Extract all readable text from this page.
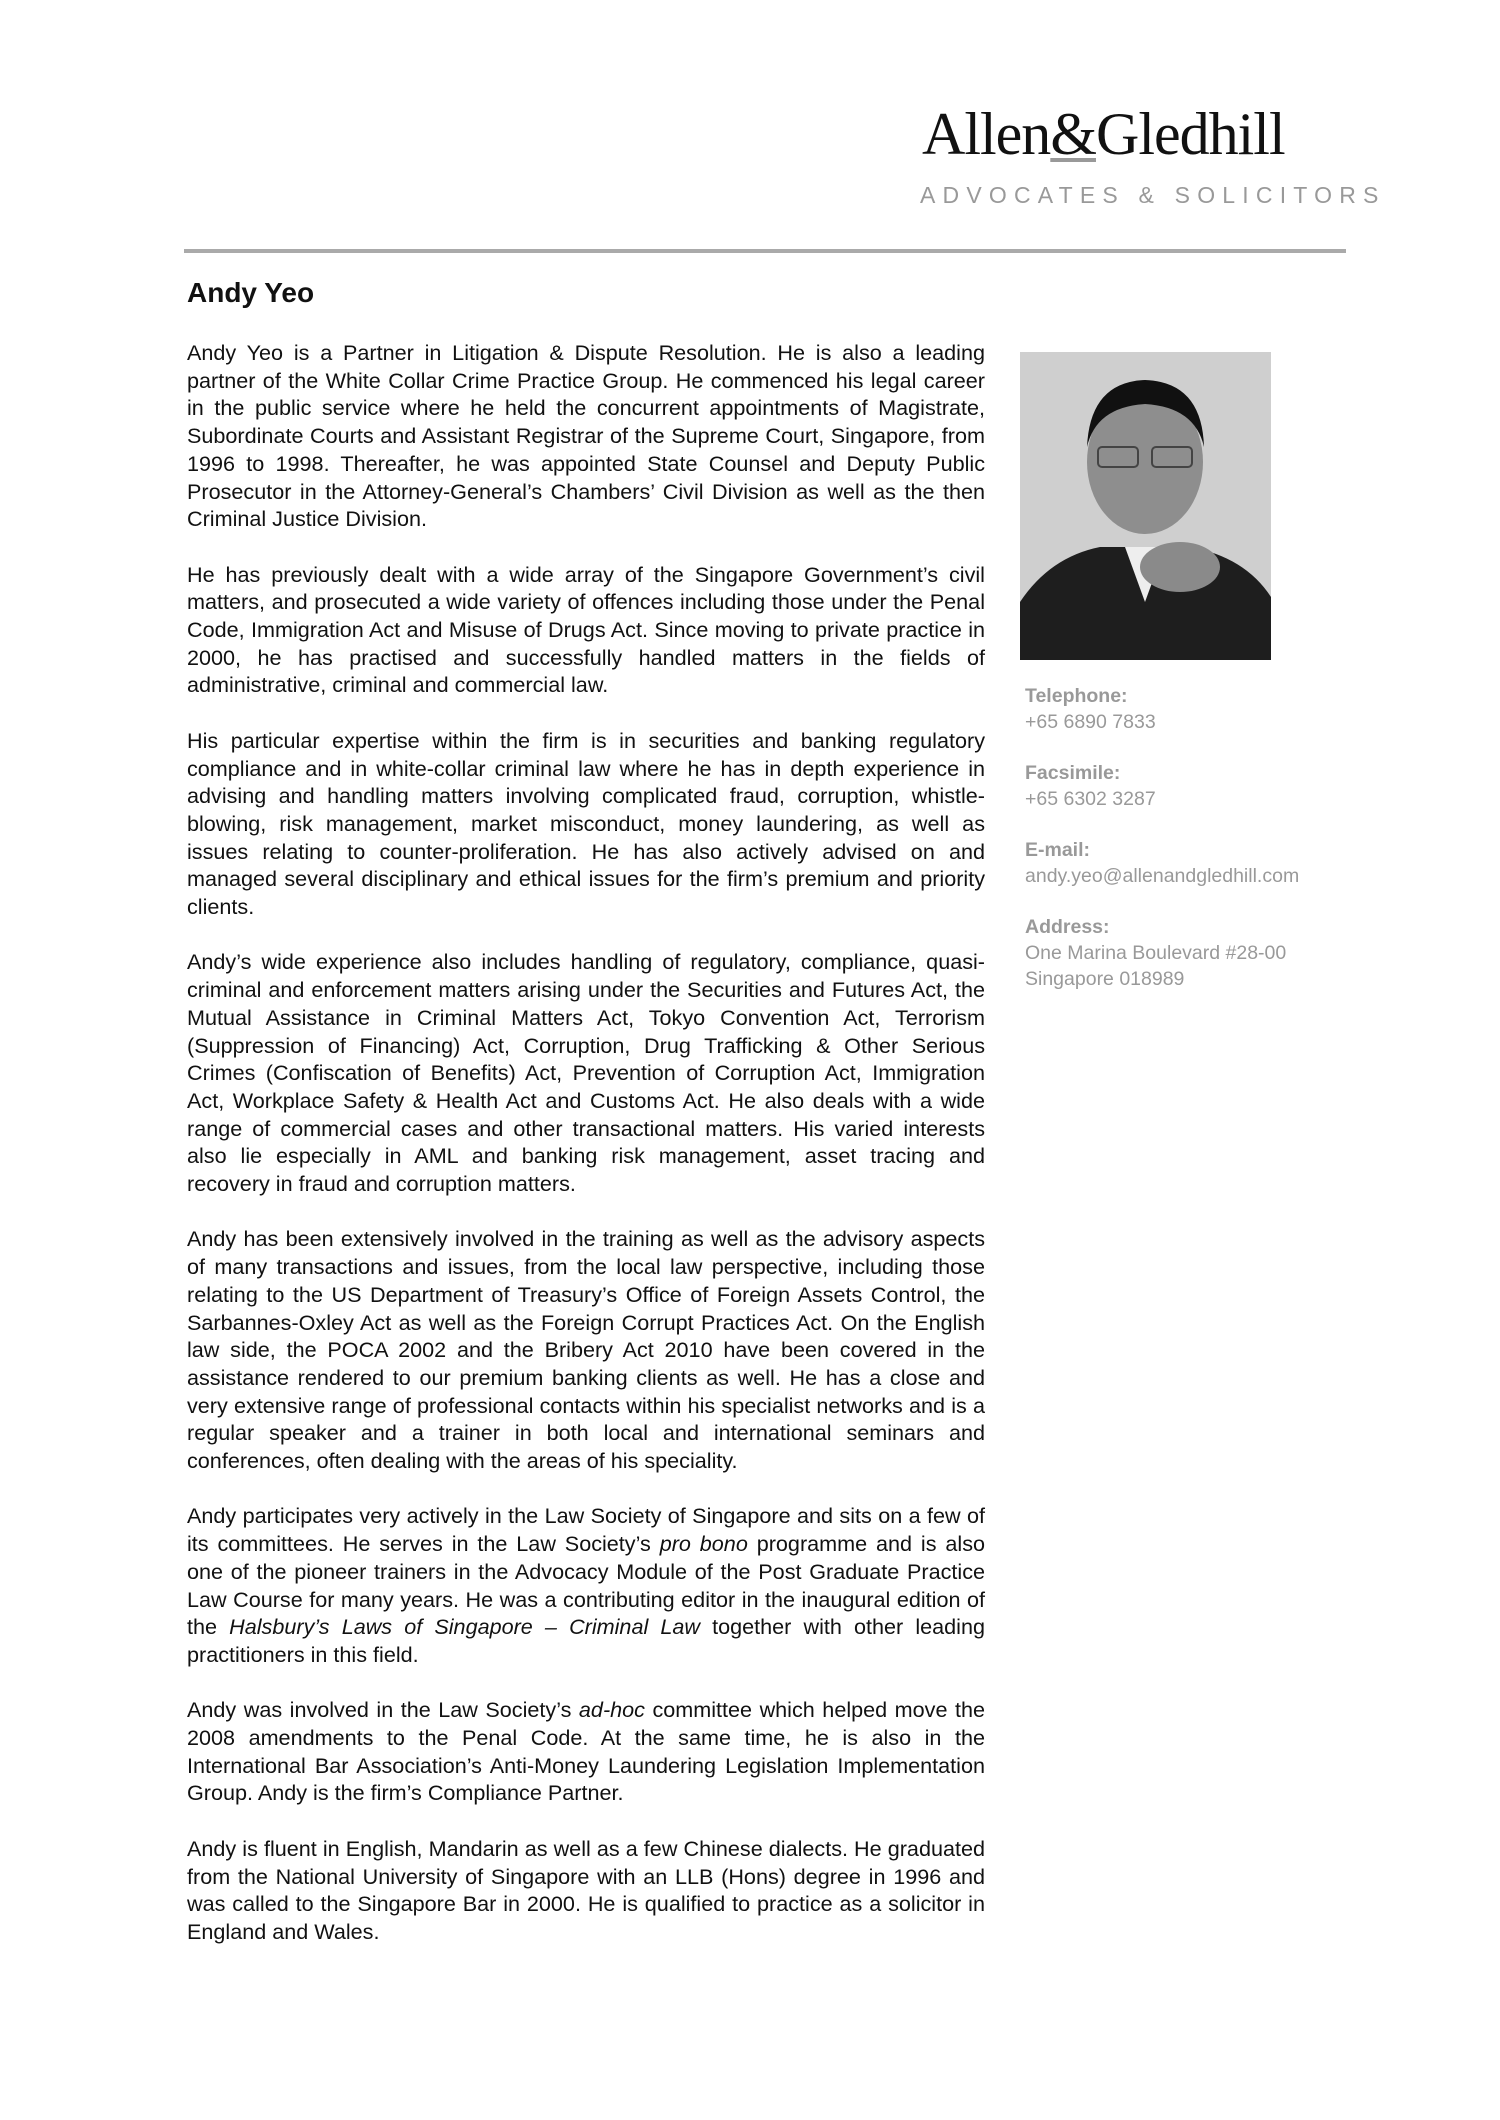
Allen&Gledhill
ADVOCATES & SOLICITORS
Andy Yeo

Andy Yeo is a Partner in Litigation & Dispute Resolution. He is also a leading partner of the White Collar Crime Practice Group. He commenced his legal career in the public service where he held the concurrent appointments of Magistrate, Subordinate Courts and Assistant Registrar of the Supreme Court, Singapore, from 1996 to 1998. Thereafter, he was appointed State Counsel and Deputy Public Prosecutor in the Attorney-General’s Chambers’ Civil Division as well as the then Criminal Justice Division.

He has previously dealt with a wide array of the Singapore Government’s civil matters, and prosecuted a wide variety of offences including those under the Penal Code, Immigration Act and Misuse of Drugs Act. Since moving to private practice in 2000, he has practised and successfully handled matters in the fields of administrative, criminal and commercial law.

His particular expertise within the firm is in securities and banking regulatory compliance and in white-collar criminal law where he has in depth experience in advising and handling matters involving complicated fraud, corruption, whistle-blowing, risk management, market misconduct, money laundering, as well as issues relating to counter-proliferation. He has also actively advised on and managed several disciplinary and ethical issues for the firm’s premium and priority clients.

Andy’s wide experience also includes handling of regulatory, compliance, quasi-criminal and enforcement matters arising under the Securities and Futures Act, the Mutual Assistance in Criminal Matters Act, Tokyo Convention Act, Terrorism (Suppression of Financing) Act, Corruption, Drug Trafficking & Other Serious Crimes (Confiscation of Benefits) Act, Prevention of Corruption Act, Immigration Act, Workplace Safety & Health Act and Customs Act. He also deals with a wide range of commercial cases and other transactional matters. His varied interests also lie especially in AML and banking risk management, asset tracing and recovery in fraud and corruption matters.

Andy has been extensively involved in the training as well as the advisory aspects of many transactions and issues, from the local law perspective, including those relating to the US Department of Treasury’s Office of Foreign Assets Control, the Sarbannes-Oxley Act as well as the Foreign Corrupt Practices Act. On the English law side, the POCA 2002 and the Bribery Act 2010 have been covered in the assistance rendered to our premium banking clients as well. He has a close and very extensive range of professional contacts within his specialist networks and is a regular speaker and a trainer in both local and international seminars and conferences, often dealing with the areas of his speciality.

Andy participates very actively in the Law Society of Singapore and sits on a few of its committees. He serves in the Law Society’s pro bono programme and is also one of the pioneer trainers in the Advocacy Module of the Post Graduate Practice Law Course for many years. He was a contributing editor in the inaugural edition of the Halsbury’s Laws of Singapore – Criminal Law together with other leading practitioners in this field.

Andy was involved in the Law Society’s ad-hoc committee which helped move the 2008 amendments to the Penal Code. At the same time, he is also in the International Bar Association’s Anti-Money Laundering Legislation Implementation Group. Andy is the firm’s Compliance Partner.

Andy is fluent in English, Mandarin as well as a few Chinese dialects. He graduated from the National University of Singapore with an LLB (Hons) degree in 1996 and was called to the Singapore Bar in 2000. He is qualified to practice as a solicitor in England and Wales.

Telephone:
+65 6890 7833
Facsimile:
+65 6302 3287
E-mail:
andy.yeo@allenandgledhill.com
Address:
One Marina Boulevard #28-00
Singapore 018989
